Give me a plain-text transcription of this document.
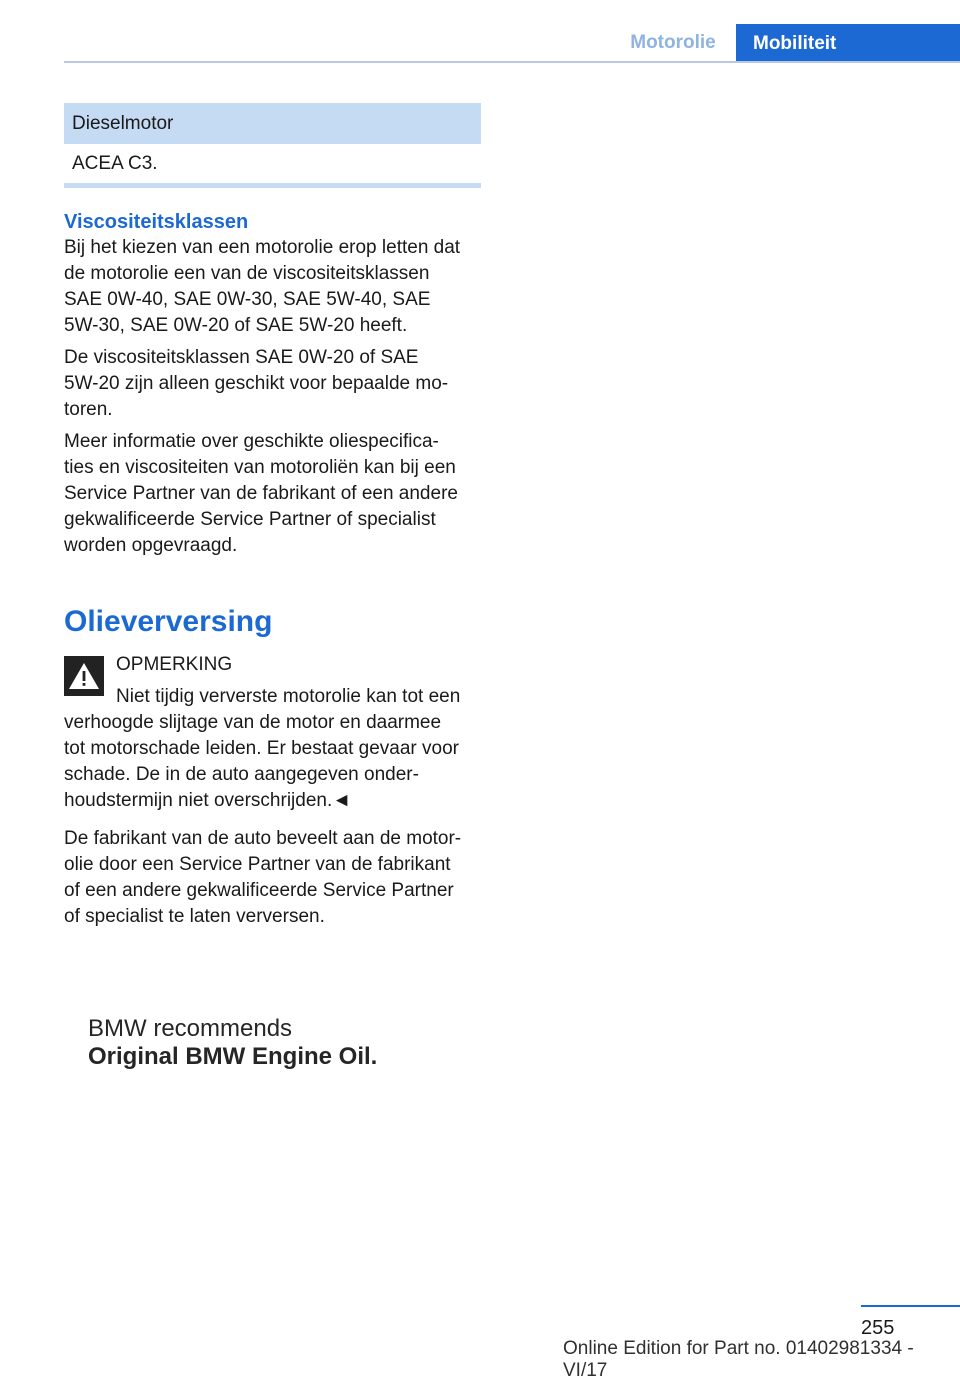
Motorolie	Mobiliteit
Dieselmotor
ACEA C3.
Viscositeitsklassen
Bij het kiezen van een motorolie erop letten dat
de motorolie een van de viscositeitsklassen
SAE 0W-40, SAE 0W-30, SAE 5W-40, SAE
5W-30, SAE 0W-20 of SAE 5W-20 heeft.
De viscositeitsklassen SAE 0W-20 of SAE
5W-20 zijn alleen geschikt voor bepaalde mo-
toren.
Meer informatie over geschikte oliespecifica-
ties en viscositeiten van motoroliën kan bij een
Service Partner van de fabrikant of een andere
gekwalificeerde Service Partner of specialist
worden opgevraagd.
Olieverversing
OPMERKING
Niet tijdig ververste motorolie kan tot een
verhoogde slijtage van de motor en daarmee
tot motorschade leiden. Er bestaat gevaar voor
schade. De in de auto aangegeven onder-
houdstermijn niet overschrijden.◄
De fabrikant van de auto beveelt aan de motor-
olie door een Service Partner van de fabrikant
of een andere gekwalificeerde Service Partner
of specialist te laten verversen.
BMW recommends
Original BMW Engine Oil.
255
Online Edition for Part no. 01402981334 - VI/17
